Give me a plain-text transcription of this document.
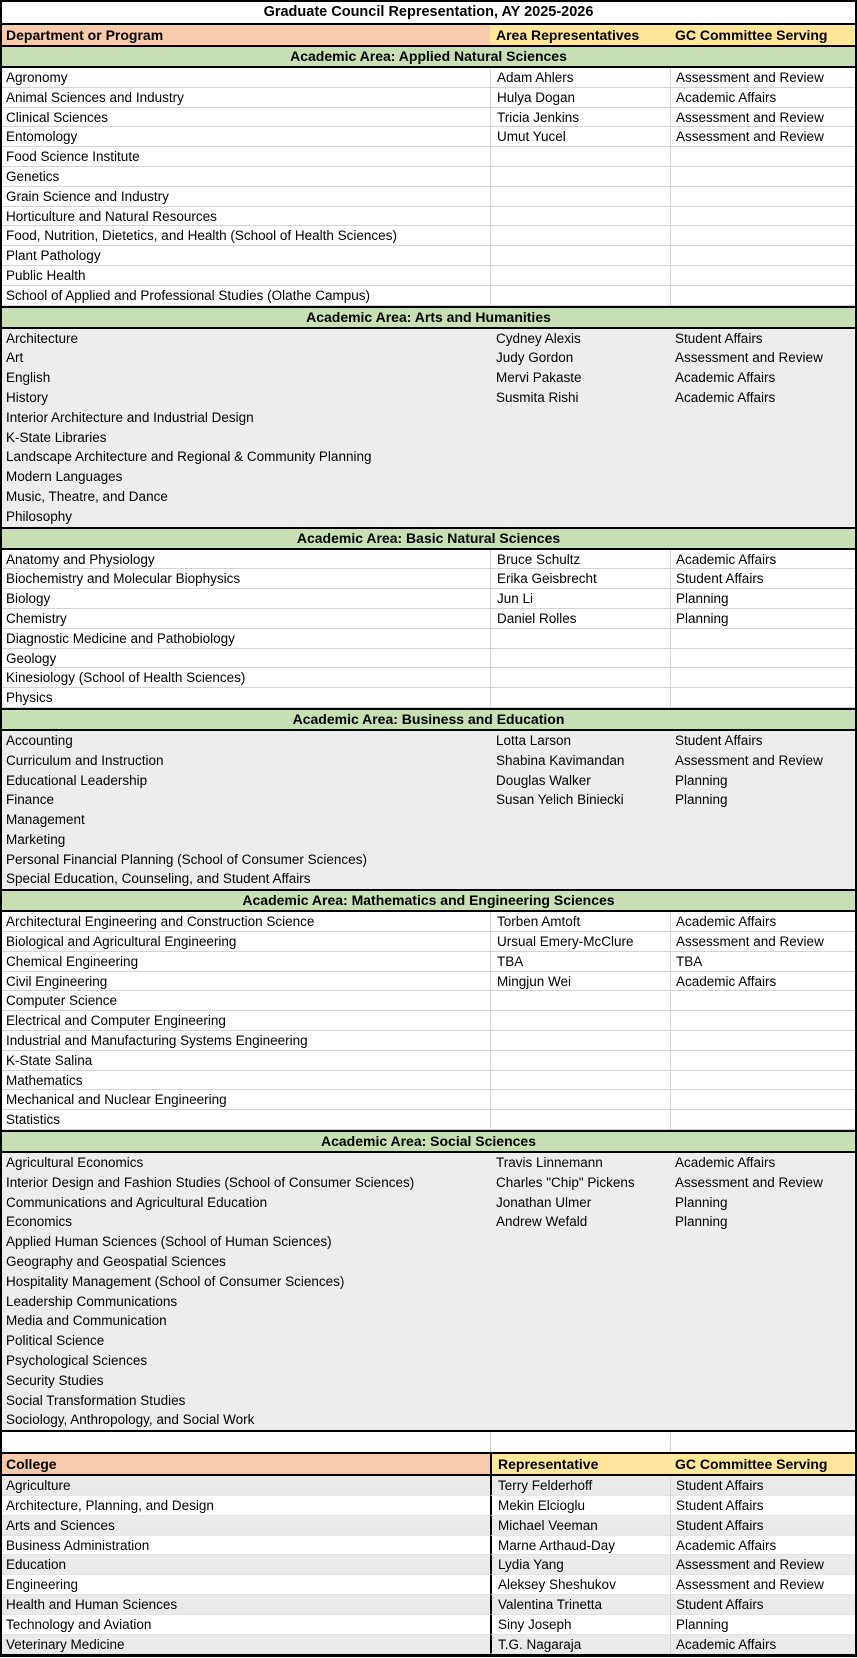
Graduate Council Representation, AY 2025-2026
Department or Program	Area Representatives	GC Committee Serving
Academic Area: Applied Natural Sciences
Agronomy	Adam Ahlers	Assessment and Review
Animal Sciences and Industry	Hulya Dogan	Academic Affairs
Clinical Sciences	Tricia Jenkins	Assessment and Review
Entomology	Umut Yucel	Assessment and Review
Food Science Institute
Genetics
Grain Science and Industry
Horticulture and Natural Resources
Food, Nutrition, Dietetics, and Health (School of Health Sciences)
Plant Pathology
Public Health
School of Applied and Professional Studies (Olathe Campus)
Academic Area: Arts and Humanities
Architecture	Cydney Alexis	Student Affairs
Art	Judy Gordon	Assessment and Review
English	Mervi Pakaste	Academic Affairs
History	Susmita Rishi	Academic Affairs
Interior Architecture and Industrial Design
K-State Libraries
Landscape Architecture and Regional & Community Planning
Modern Languages
Music, Theatre, and Dance
Philosophy
Academic Area: Basic Natural Sciences
Anatomy and Physiology	Bruce Schultz	Academic Affairs
Biochemistry and Molecular Biophysics	Erika Geisbrecht	Student Affairs
Biology	Jun Li	Planning
Chemistry	Daniel Rolles	Planning
Diagnostic Medicine and Pathobiology
Geology
Kinesiology (School of Health Sciences)
Physics
Academic Area: Business and Education
Accounting	Lotta Larson	Student Affairs
Curriculum and Instruction	Shabina Kavimandan	Assessment and Review
Educational Leadership	Douglas Walker	Planning
Finance	Susan Yelich Biniecki	Planning
Management
Marketing
Personal Financial Planning (School of Consumer Sciences)
Special Education, Counseling, and Student Affairs
Academic Area: Mathematics and Engineering Sciences
Architectural Engineering and Construction Science	Torben Amtoft	Academic Affairs
Biological and Agricultural Engineering	Ursual Emery-McClure	Assessment and Review
Chemical Engineering	TBA	TBA
Civil Engineering	Mingjun Wei	Academic Affairs
Computer Science
Electrical and Computer Engineering
Industrial and Manufacturing Systems Engineering
K-State Salina
Mathematics
Mechanical and Nuclear Engineering
Statistics
Academic Area: Social Sciences
Agricultural Economics	Travis Linnemann	Academic Affairs
Interior Design and Fashion Studies (School of Consumer Sciences)	Charles "Chip" Pickens	Assessment and Review
Communications and Agricultural Education	Jonathan Ulmer	Planning
Economics	Andrew Wefald	Planning
Applied Human Sciences (School of Human Sciences)
Geography and Geospatial Sciences
Hospitality Management (School of Consumer Sciences)
Leadership Communications
Media and Communication
Political Science
Psychological Sciences
Security Studies
Social Transformation Studies
Sociology, Anthropology, and Social Work
College	Representative	GC Committee Serving
Agriculture	Terry Felderhoff	Student Affairs
Architecture, Planning, and Design	Mekin Elcioglu	Student Affairs
Arts and Sciences	Michael Veeman	Student Affairs
Business Administration	Marne Arthaud-Day	Academic Affairs
Education	Lydia Yang	Assessment and Review
Engineering	Aleksey Sheshukov	Assessment and Review
Health and Human Sciences	Valentina Trinetta	Student Affairs
Technology and Aviation	Siny Joseph	Planning
Veterinary Medicine	T.G. Nagaraja	Academic Affairs
